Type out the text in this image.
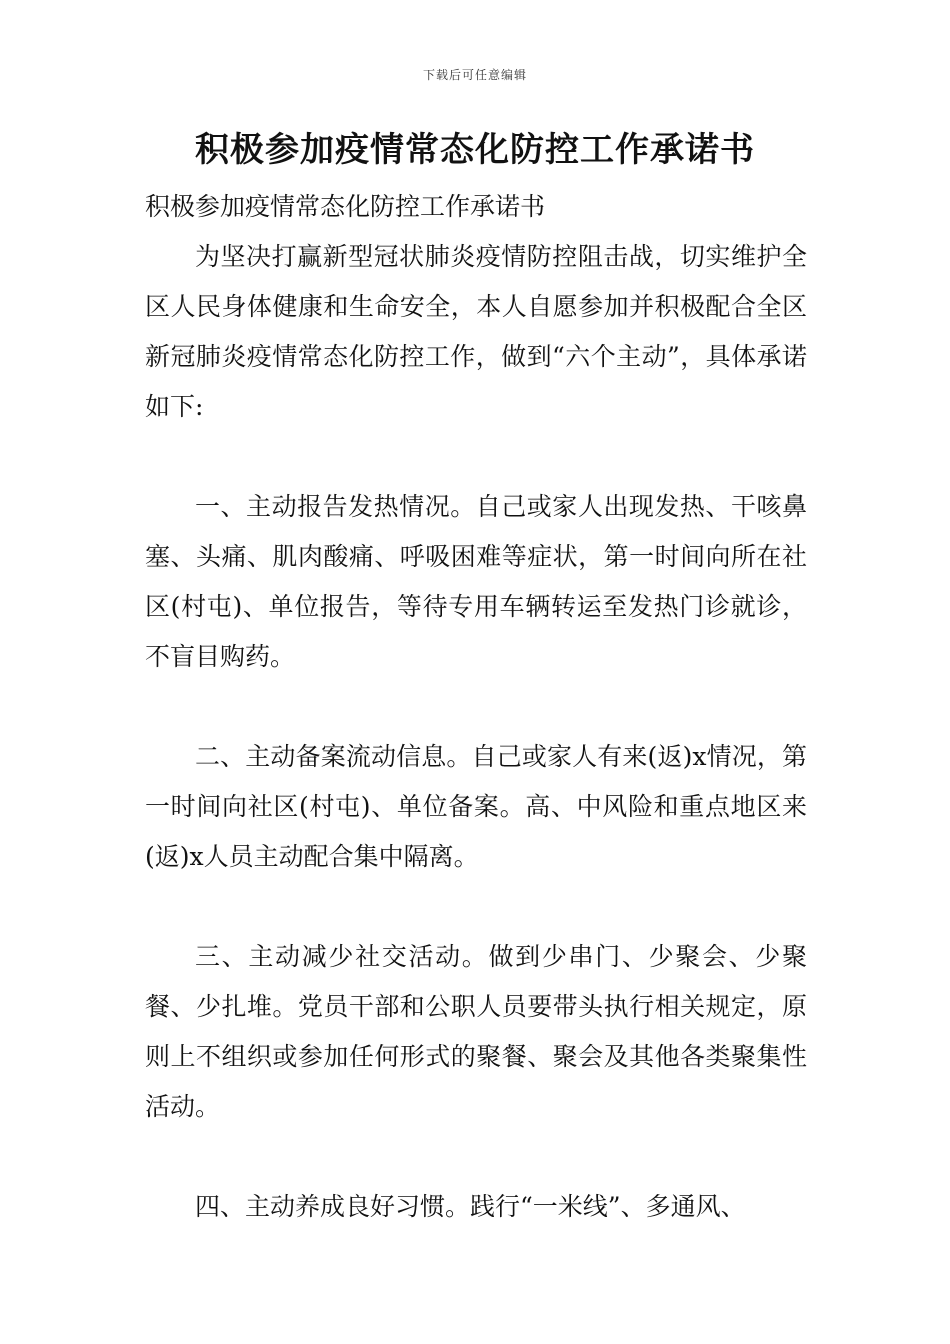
下载后可任意编辑
积极参加疫情常态化防控工作承诺书

积极参加疫情常态化防控工作承诺书

为坚决打赢新型冠状肺炎疫情防控阻击战，切实维护全区人民身体健康和生命安全，本人自愿参加并积极配合全区新冠肺炎疫情常态化防控工作，做到“六个主动”，具体承诺如下:

一、主动报告发热情况。自己或家人出现发热、干咳鼻塞、头痛、肌肉酸痛、呼吸困难等症状，第一时间向所在社区(村屯)、单位报告，等待专用车辆转运至发热门诊就诊，不盲目购药。

二、主动备案流动信息。自己或家人有来(返)x情况，第一时间向社区(村屯)、单位备案。高、中风险和重点地区来(返)x人员主动配合集中隔离。

三、主动减少社交活动。做到少串门、少聚会、少聚餐、少扎堆。党员干部和公职人员要带头执行相关规定，原则上不组织或参加任何形式的聚餐、聚会及其他各类聚集性活动。

四、主动养成良好习惯。践行“一米线”、多通风、
